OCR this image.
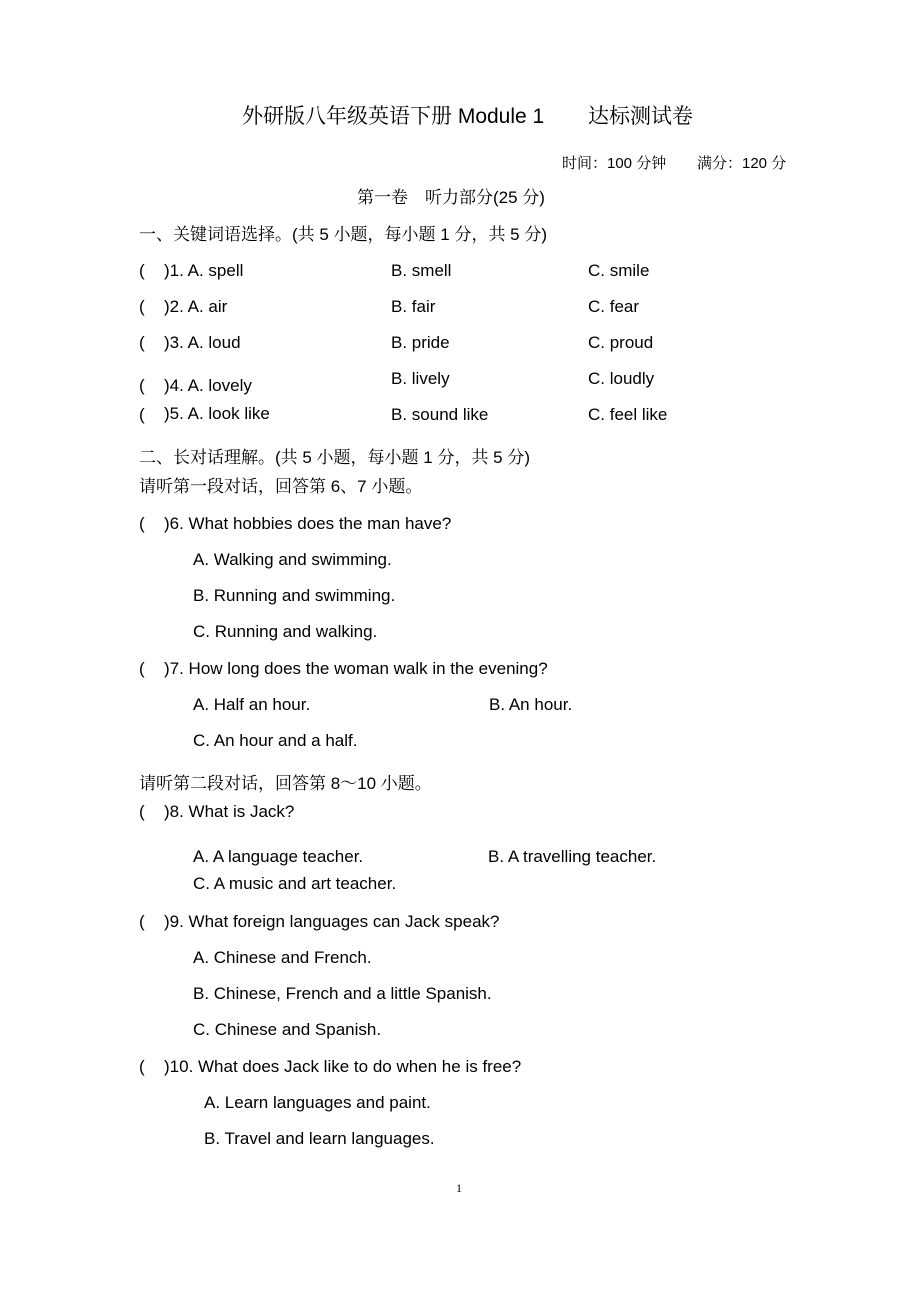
外研版八年级英语下册 Module 1 达标测试卷
时间：100 分钟 满分：120 分
第一卷　听力部分(25 分)
一、关键词语选择。(共 5 小题，每小题 1 分，共 5 分)
( )1. A. spell	B. smell	C. smile
( )2. A. air	B. fair	C. fear
( )3. A. loud	B. pride	C. proud
( )4. A. lovely	B. lively	C. loudly
( )5. A. look like	B. sound like	C. feel like
二、长对话理解。(共 5 小题，每小题 1 分，共 5 分)
请听第一段对话，回答第 6、7 小题。
( )6. What hobbies does the man have?
A. Walking and swimming.
B. Running and swimming.
C. Running and walking.
( )7. How long does the woman walk in the evening?
A. Half an hour.	B. An hour.
C. An hour and a half.
请听第二段对话，回答第 8～10 小题。
( )8. What is Jack?
A. A language teacher.	B. A travelling teacher.
C. A music and art teacher.
( )9. What foreign languages can Jack speak?
A. Chinese and French.
B. Chinese, French and a little Spanish.
C. Chinese and Spanish.
( )10. What does Jack like to do when he is free?
A. Learn languages and paint.
B. Travel and learn languages.
1
